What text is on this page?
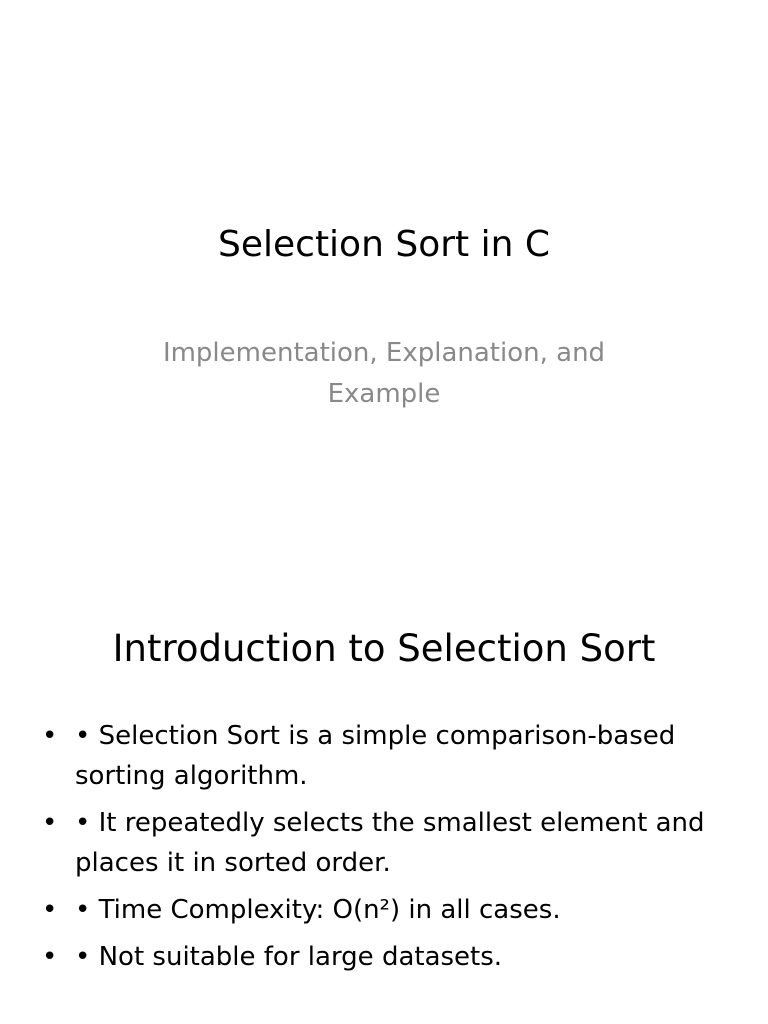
Selection Sort in C
Implementation, Explanation, and Example
Introduction to Selection Sort
• • Selection Sort is a simple comparison-based sorting algorithm.
• • It repeatedly selects the smallest element and places it in sorted order.
• • Time Complexity: O(n²) in all cases.
• • Not suitable for large datasets.
